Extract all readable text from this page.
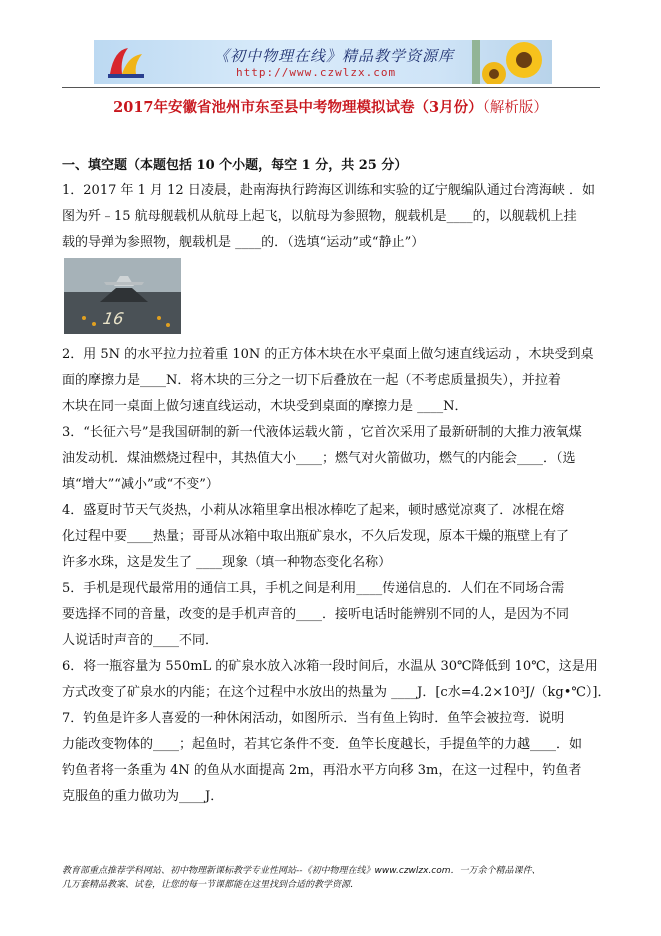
《初中物理在线》精品教学资源库
http://www.czwlzx.com
2017年安徽省池州市东至县中考物理模拟试卷（3月份）（解析版）
一、填空题（本题包括 10 个小题，每空 1 分，共 25 分）
1．2017 年 1 月 12 日凌晨，赴南海执行跨海区训练和实验的辽宁舰编队通过台湾海峡 ．如
图为歼﹣15 航母舰载机从航母上起飞，以航母为参照物，舰载机是____的，以舰载机上挂
载的导弹为参照物，舰载机是 ____的．（选填“运动”或“静止”）
16
2．用 5N 的水平拉力拉着重 10N 的正方体木块在水平桌面上做匀速直线运动 ，木块受到桌
面的摩擦力是____N．将木块的三分之一切下后叠放在一起（不考虑质量损失），并拉着
木块在同一桌面上做匀速直线运动，木块受到桌面的摩擦力是 ____N．
3．“长征六号”是我国研制的新一代液体运载火箭 ，它首次采用了最新研制的大推力液氧煤
油发动机．煤油燃烧过程中，其热值大小____；燃气对火箭做功，燃气的内能会____．（选
填“增大”“减小”或“不变”）
4．盛夏时节天气炎热，小莉从冰箱里拿出根冰棒吃了起来，顿时感觉凉爽了．冰棍在熔
化过程中要____热量；哥哥从冰箱中取出瓶矿泉水，不久后发现，原本干燥的瓶壁上有了
许多水珠，这是发生了 ____现象（填一种物态变化名称）
5．手机是现代最常用的通信工具，手机之间是利用____传递信息的．人们在不同场合需
要选择不同的音量，改变的是手机声音的____．接听电话时能辨别不同的人，是因为不同
人说话时声音的____不同．
6．将一瓶容量为 550mL 的矿泉水放入冰箱一段时间后，水温从 30℃降低到 10℃，这是用
方式改变了矿泉水的内能；在这个过程中水放出的热量为 ____J．[c水=4.2×10³J/（kg•℃）]．
7．钓鱼是许多人喜爱的一种休闲活动，如图所示．当有鱼上钩时．鱼竿会被拉弯．说明
力能改变物体的____；起鱼时，若其它条件不变．鱼竿长度越长，手提鱼竿的力越____．如
钓鱼者将一条重为 4N 的鱼从水面提高 2m，再沿水平方向移 3m，在这一过程中，钓鱼者
克服鱼的重力做功为____J．
教育部重点推荐学科网站、初中物理新课标教学专业性网站--《初中物理在线》www.czwlzx.com．一万余个精品课件、
几万套精品教案、试卷，让您的每一节课都能在这里找到合适的教学资源．
